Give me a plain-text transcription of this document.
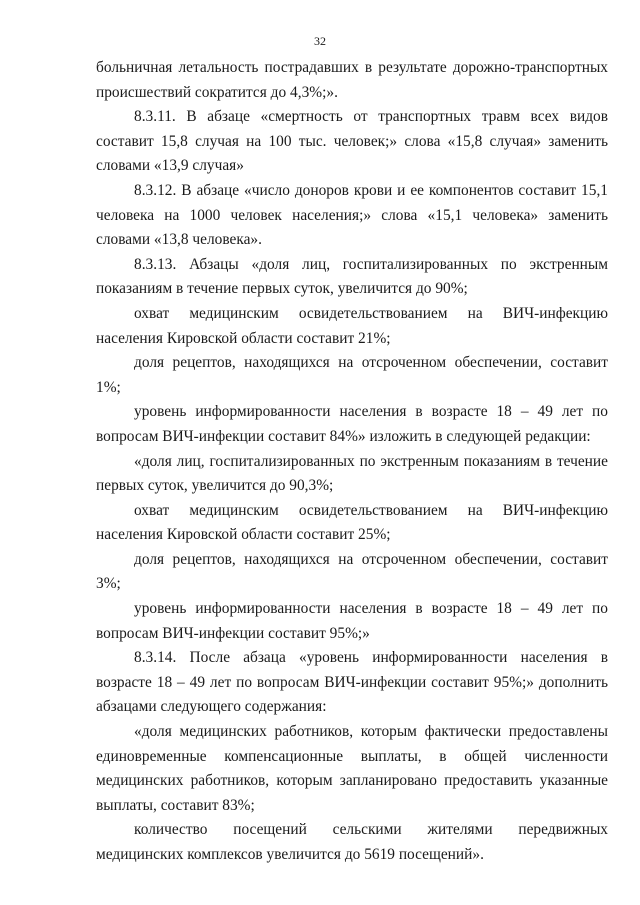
32

больничная летальность пострадавших в результате дорожно-транспортных происшествий сократится до 4,3%;».

8.3.11. В абзаце «смертность от транспортных травм всех видов составит 15,8 случая на 100 тыс. человек;» слова «15,8 случая» заменить словами «13,9 случая»

8.3.12. В абзаце «число доноров крови и ее компонентов составит 15,1 человека на 1000 человек населения;» слова «15,1 человека» заменить словами «13,8 человека».

8.3.13. Абзацы «доля лиц, госпитализированных по экстренным показаниям в течение первых суток, увеличится до 90%;

охват медицинским освидетельствованием на ВИЧ-инфекцию населения Кировской области составит 21%;

доля рецептов, находящихся на отсроченном обеспечении, составит 1%;

уровень информированности населения в возрасте 18 – 49 лет по вопросам ВИЧ-инфекции составит 84%» изложить в следующей редакции:

«доля лиц, госпитализированных по экстренным показаниям в течение первых суток, увеличится до 90,3%;

охват медицинским освидетельствованием на ВИЧ-инфекцию населения Кировской области составит 25%;

доля рецептов, находящихся на отсроченном обеспечении, составит 3%;

уровень информированности населения в возрасте 18 – 49 лет по вопросам ВИЧ-инфекции составит 95%;»

8.3.14. После абзаца «уровень информированности населения в возрасте 18 – 49 лет по вопросам ВИЧ-инфекции составит 95%;» дополнить абзацами следующего содержания:

«доля медицинских работников, которым фактически предоставлены единовременные компенсационные выплаты, в общей численности медицинских работников, которым запланировано предоставить указанные выплаты, составит 83%;

количество посещений сельскими жителями передвижных медицинских комплексов увеличится до 5619 посещений».
